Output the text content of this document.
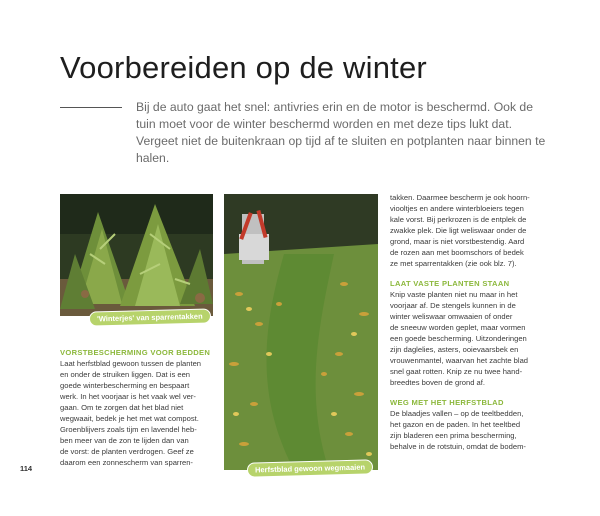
Voorbereiden op de winter
Bij de auto gaat het snel: antivries erin en de motor is beschermd. Ook de tuin moet voor de winter beschermd worden en met deze tips lukt dat. Vergeet niet de buitenkraan op tijd af te sluiten en potplanten naar binnen te halen.
'Winterjes' van sparrentakken
Herfstblad gewoon wegmaaien

VORSTBESCHERMING VOOR BEDDEN

Laat herfstblad gewoon tussen de planten

en onder de struiken liggen. Dat is een

goede winterbescherming en bespaart

werk. In het voorjaar is het vaak wel ver-

gaan. Om te zorgen dat het blad niet

wegwaait, bedek je het met wat compost.

Groenblijvers zoals tijm en lavendel heb-

ben meer van de zon te lijden dan van

de vorst: de planten verdrogen. Geef ze

daarom een zonnescherm van sparren-

takken. Daarmee bescherm je ook hoorn-

viooltjes en andere winterbloeiers tegen

kale vorst. Bij perkrozen is de entplek de

zwakke plek. Die ligt weliswaar onder de

grond, maar is niet vorstbestendig. Aard

de rozen aan met boomschors of bedek

ze met sparrentakken (zie ook blz. 7).

LAAT VASTE PLANTEN STAAN

Knip vaste planten niet nu maar in het

voorjaar af. De stengels kunnen in de

winter weliswaar omwaaien of onder

de sneeuw worden geplet, maar vormen

een goede bescherming. Uitzonderingen

zijn daglelies, asters, ooievaarsbek en

vrouwenmantel, waarvan het zachte blad

snel gaat rotten. Knip ze nu twee hand-

breedtes boven de grond af.

WEG MET HET HERFSTBLAD

De blaadjes vallen – op de teeltbedden,

het gazon en de paden. In het teeltbed

zijn bladeren een prima bescherming,

behalve in de rotstuin, omdat de bodem-

114
